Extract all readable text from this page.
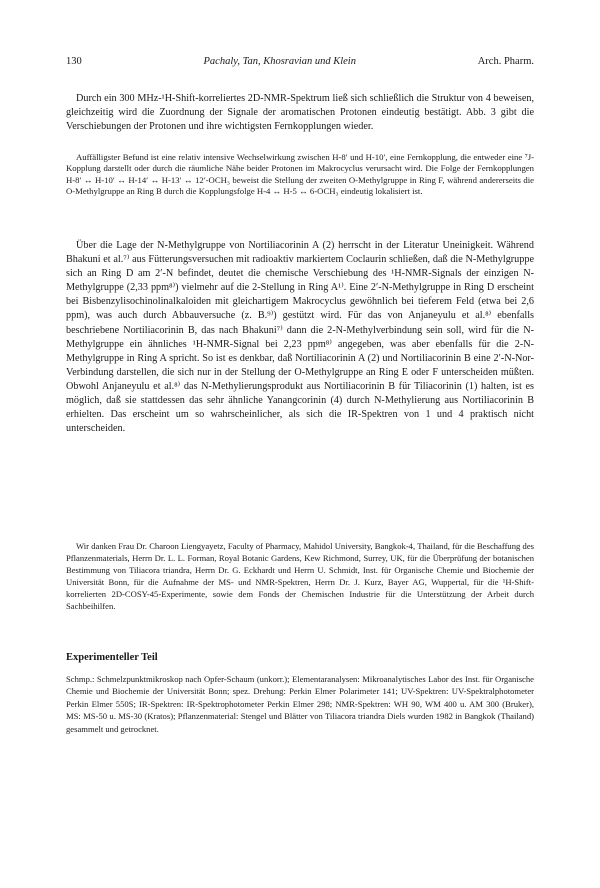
130	Pachaly, Tan, Khosravian und Klein	Arch. Pharm.

Durch ein 300 MHz-¹H-Shift-korreliertes 2D-NMR-Spektrum ließ sich schließlich die Struktur von 4 beweisen, gleichzeitig wird die Zuordnung der Signale der aromatischen Protonen eindeutig bestätigt. Abb. 3 gibt die Verschiebungen der Protonen und ihre wichtigsten Fernkopplungen wieder.

Auffälligster Befund ist eine relativ intensive Wechselwirkung zwischen H-8′ und H-10′, eine Fernkopplung, die entweder eine ⁷J-Kopplung darstellt oder durch die räumliche Nähe beider Protonen im Makrocyclus verursacht wird. Die Folge der Fernkopplungen H-8′ ↔ H-10′ ↔ H-14′ ↔ H-13′ ↔ 12′-OCH₃ beweist die Stellung der zweiten O-Methylgruppe in Ring F, während andererseits die O-Methylgruppe an Ring B durch die Kopplungsfolge H-4 ↔ H-5 ↔ 6-OCH₃ eindeutig lokalisiert ist.

Über die Lage der N-Methylgruppe von Nortiliacorinin A (2) herrscht in der Literatur Uneinigkeit. Während Bhakuni et al.⁷⁾ aus Fütterungsversuchen mit radioaktiv markiertem Coclaurin schließen, daß die N-Methylgruppe sich an Ring D am 2′-N befindet, deutet die chemische Verschiebung des ¹H-NMR-Signals der einzigen N-Methylgruppe (2,33 ppm⁸⁾) vielmehr auf die 2-Stellung in Ring A¹⁾. Eine 2′-N-Methylgruppe in Ring D erscheint bei Bisbenzylisochinolinalkaloiden mit gleichartigem Makrocyclus gewöhnlich bei tieferem Feld (etwa bei 2,6 ppm), was auch durch Abbauversuche (z. B.⁹⁾) gestützt wird. Für das von Anjaneyulu et al.⁸⁾ ebenfalls beschriebene Nortiliacorinin B, das nach Bhakuni⁷⁾ dann die 2-N-Methylverbindung sein soll, wird für die N-Methylgruppe ein ähnliches ¹H-NMR-Signal bei 2,23 ppm⁸⁾ angegeben, was aber ebenfalls für die 2-N-Methylgruppe in Ring A spricht. So ist es denkbar, daß Nortiliacorinin A (2) und Nortiliacorinin B eine 2′-N-Nor-Verbindung darstellen, die sich nur in der Stellung der O-Methylgruppe an Ring E oder F unterscheiden müßten. Obwohl Anjaneyulu et al.⁸⁾ das N-Methylierungsprodukt aus Nortiliacorinin B für Tiliacorinin (1) halten, ist es möglich, daß sie stattdessen das sehr ähnliche Yanangcorinin (4) durch N-Methylierung aus Nortiliacorinin B erhielten. Das erscheint um so wahrscheinlicher, als sich die IR-Spektren von 1 und 4 praktisch nicht unterscheiden.

Wir danken Frau Dr. Charoon Liengyayetz, Faculty of Pharmacy, Mahidol University, Bangkok-4, Thailand, für die Beschaffung des Pflanzenmaterials, Herrn Dr. L. L. Forman, Royal Botanic Gardens, Kew Richmond, Surrey, UK, für die Überprüfung der botanischen Bestimmung von Tiliacora triandra, Herrn Dr. G. Eckhardt und Herrn U. Schmidt, Inst. für Organische Chemie und Biochemie der Universität Bonn, für die Aufnahme der MS- und NMR-Spektren, Herrn Dr. J. Kurz, Bayer AG, Wuppertal, für die ¹H-Shift-korrelierten 2D-COSY-45-Experimente, sowie dem Fonds der Chemischen Industrie für die Unterstützung der Arbeit durch Sachbeihilfen.

Experimenteller Teil

Schmp.: Schmelzpunktmikroskop nach Opfer-Schaum (unkorr.); Elementaranalysen: Mikroanalytisches Labor des Inst. für Organische Chemie und Biochemie der Universität Bonn; spez. Drehung: Perkin Elmer Polarimeter 141; UV-Spektren: UV-Spektralphotometer Perkin Elmer 550S; IR-Spektren: IR-Spektrophotometer Perkin Elmer 298; NMR-Spektren: WH 90, WM 400 u. AM 300 (Bruker), MS: MS-50 u. MS-30 (Kratos); Pflanzenmaterial: Stengel und Blätter von Tiliacora triandra Diels wurden 1982 in Bangkok (Thailand) gesammelt und getrocknet.
